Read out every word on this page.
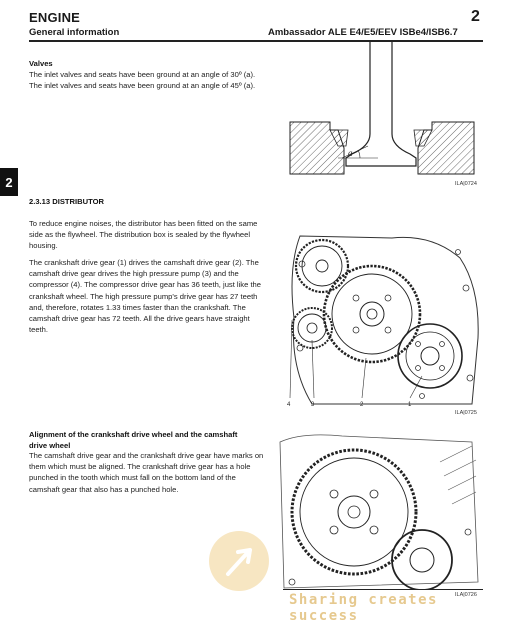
ENGINE	2
General information	Ambassador ALE E4/E5/EEV ISBe4/ISB6.7
2
Valves
The inlet valves and seats have been ground at an angle of 30º (a). The inlet valves and seats have been ground at an angle of 45º (a).
a
ILA|0724
2.3.13 DISTRIBUTOR
To reduce engine noises, the distributor has been fitted on the same side as the flywheel. The distribution box is sealed by the flywheel housing.
The crankshaft drive gear (1) drives the camshaft drive gear (2). The camshaft drive gear drives the high pressure pump (3) and the compressor (4). The compressor drive gear has 36 teeth, just like the crankshaft wheel. The high pressure pump's drive gear has 27 teeth and, therefore, rotates 1.33 times faster than the crankshaft. The camshaft drive gear has 72 teeth. All the drive gears have straight teeth.
4	3	2	1
ILA|0725
Alignment of the crankshaft drive wheel and the camshaft drive wheel
The camshaft drive gear and the crankshaft drive gear have marks on them which must be aligned. The crankshaft drive gear has a hole punched in the tooth which must fall on the bottom land of the camshaft gear that also has a punched hole.
ILA|0726
Sharing creates success
